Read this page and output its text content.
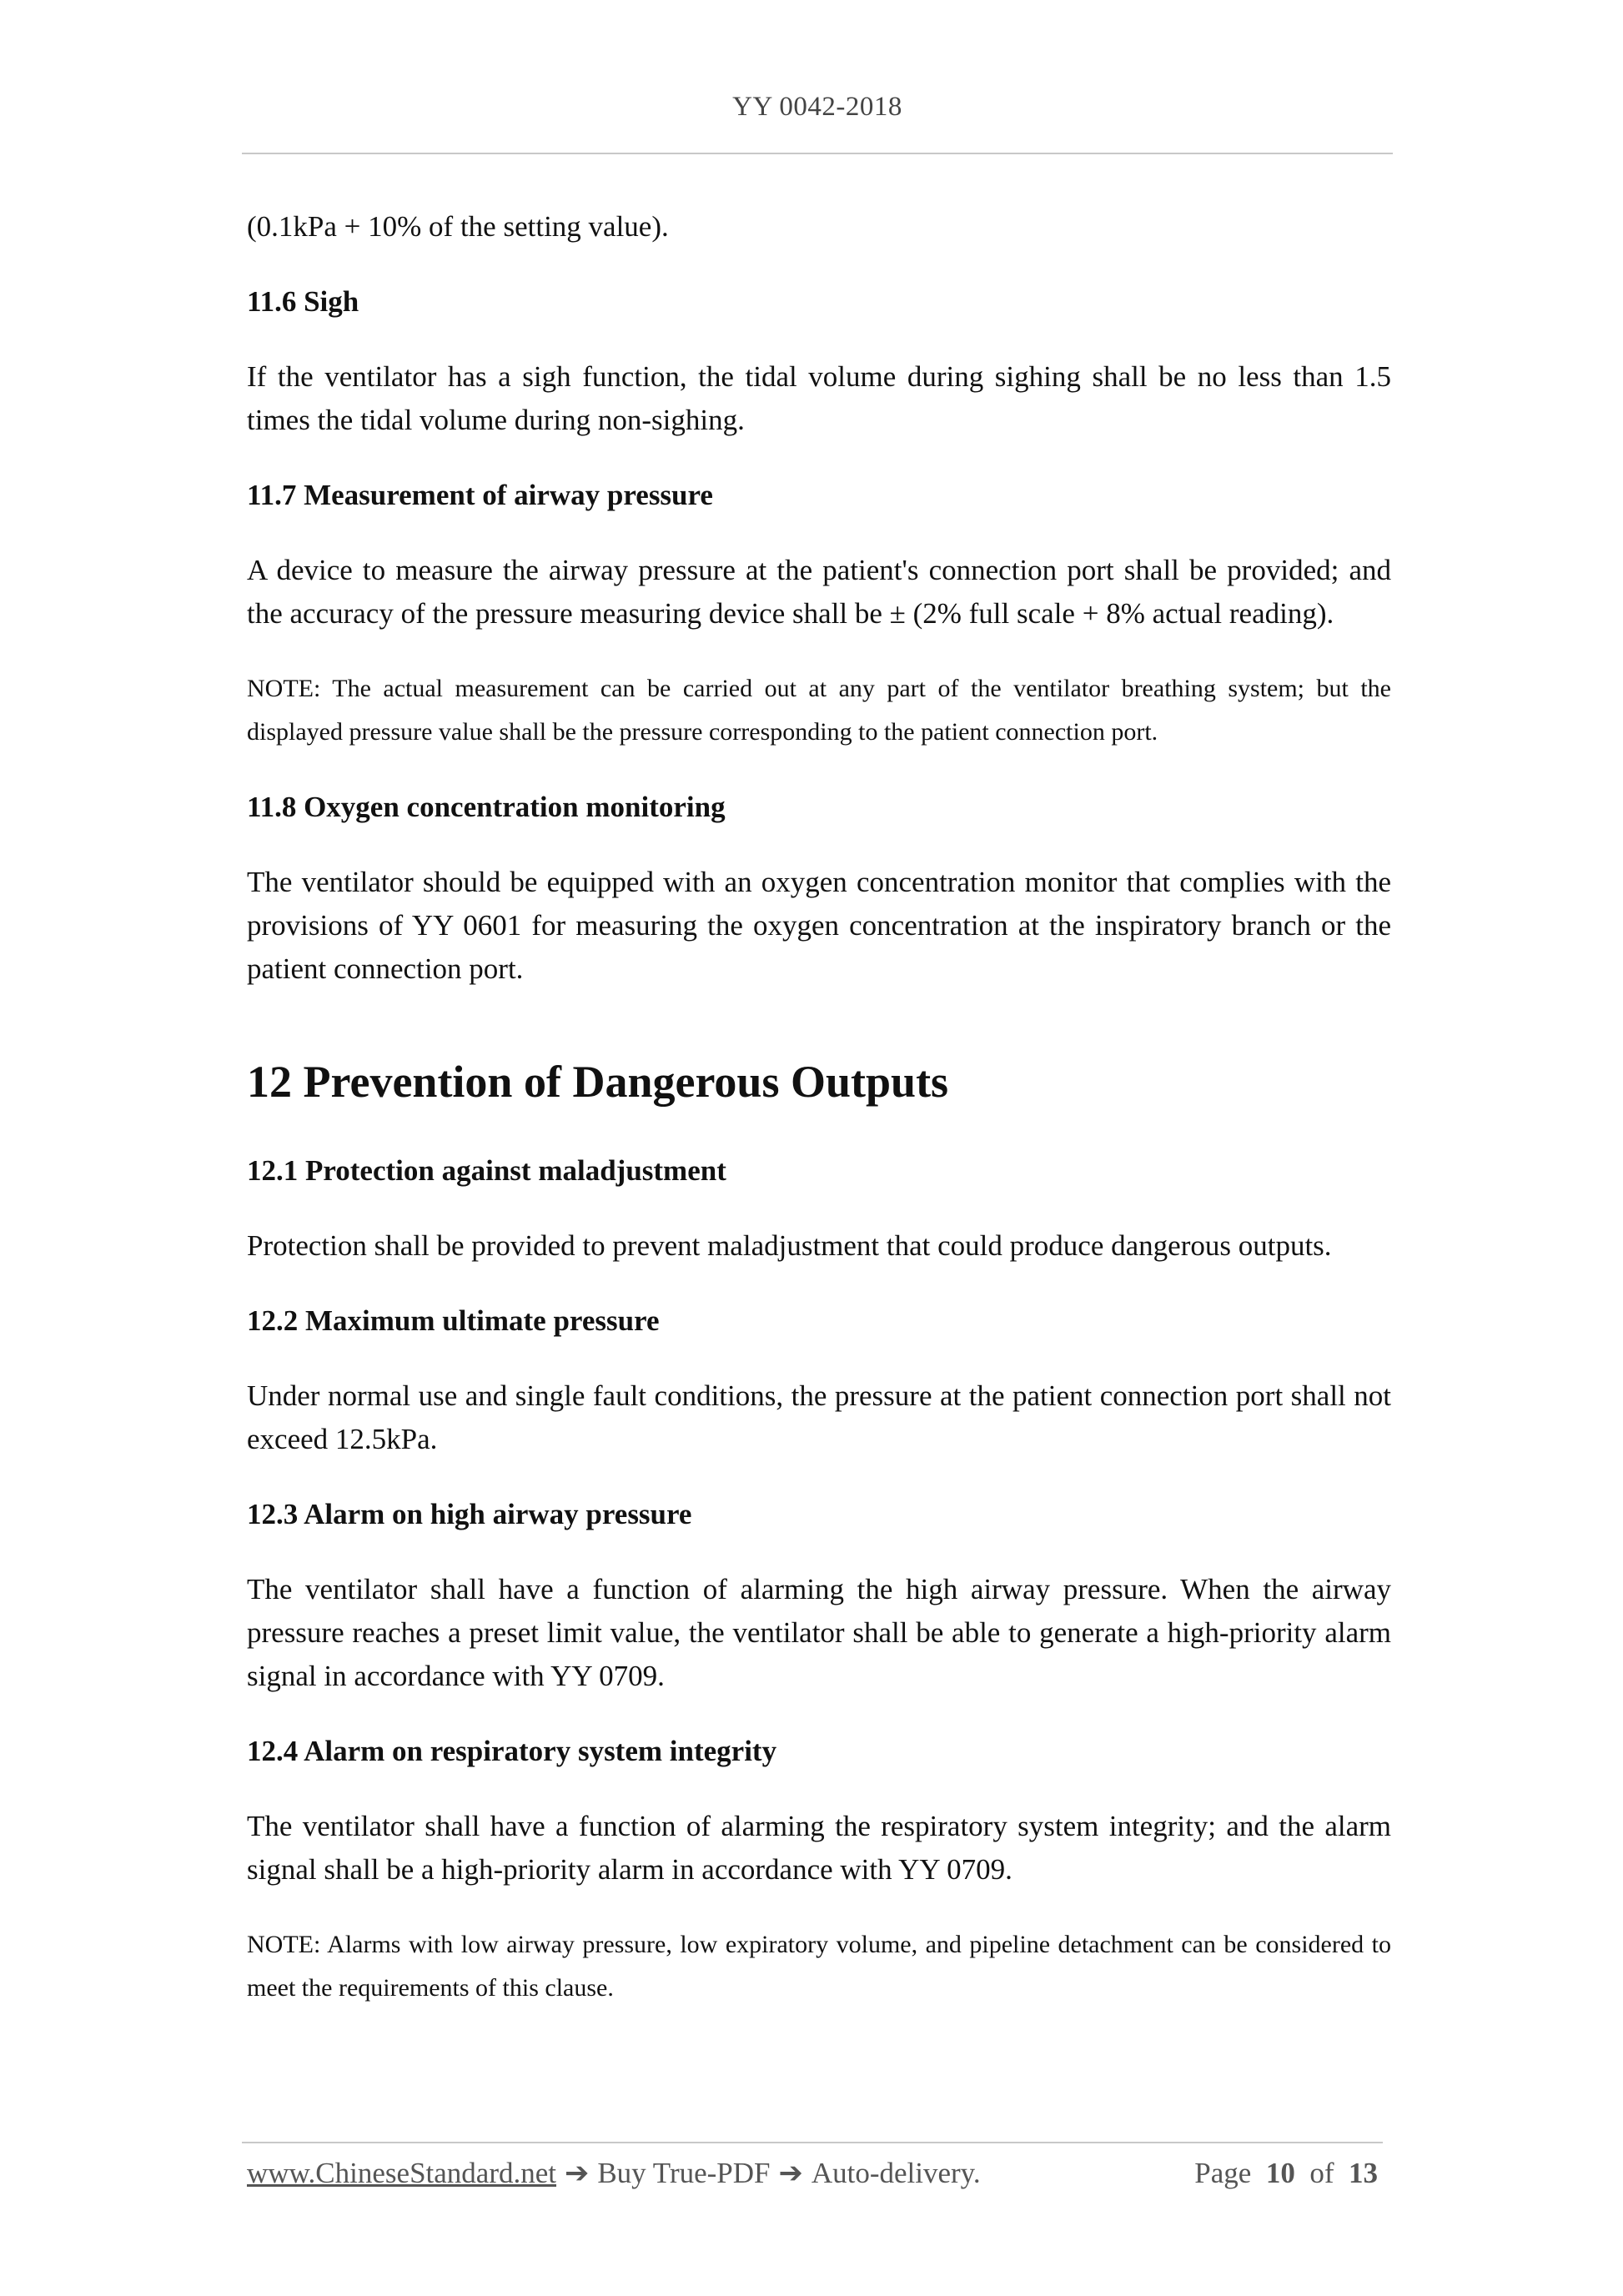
YY 0042-2018

(0.1kPa + 10% of the setting value).

11.6 Sigh

If the ventilator has a sigh function, the tidal volume during sighing shall be no less than 1.5 times the tidal volume during non-sighing.

11.7 Measurement of airway pressure

A device to measure the airway pressure at the patient's connection port shall be provided; and the accuracy of the pressure measuring device shall be ± (2% full scale + 8% actual reading).

NOTE: The actual measurement can be carried out at any part of the ventilator breathing system; but the displayed pressure value shall be the pressure corresponding to the patient connection port.

11.8 Oxygen concentration monitoring

The ventilator should be equipped with an oxygen concentration monitor that complies with the provisions of YY 0601 for measuring the oxygen concentration at the inspiratory branch or the patient connection port.

12 Prevention of Dangerous Outputs

12.1 Protection against maladjustment

Protection shall be provided to prevent maladjustment that could produce dangerous outputs.

12.2 Maximum ultimate pressure

Under normal use and single fault conditions, the pressure at the patient connection port shall not exceed 12.5kPa.

12.3 Alarm on high airway pressure

The ventilator shall have a function of alarming the high airway pressure. When the airway pressure reaches a preset limit value, the ventilator shall be able to generate a high-priority alarm signal in accordance with YY 0709.

12.4 Alarm on respiratory system integrity

The ventilator shall have a function of alarming the respiratory system integrity; and the alarm signal shall be a high-priority alarm in accordance with YY 0709.

NOTE: Alarms with low airway pressure, low expiratory volume, and pipeline detachment can be considered to meet the requirements of this clause.

www.ChineseStandard.net ➔ Buy True-PDF ➔ Auto-delivery.	Page 10 of 13
